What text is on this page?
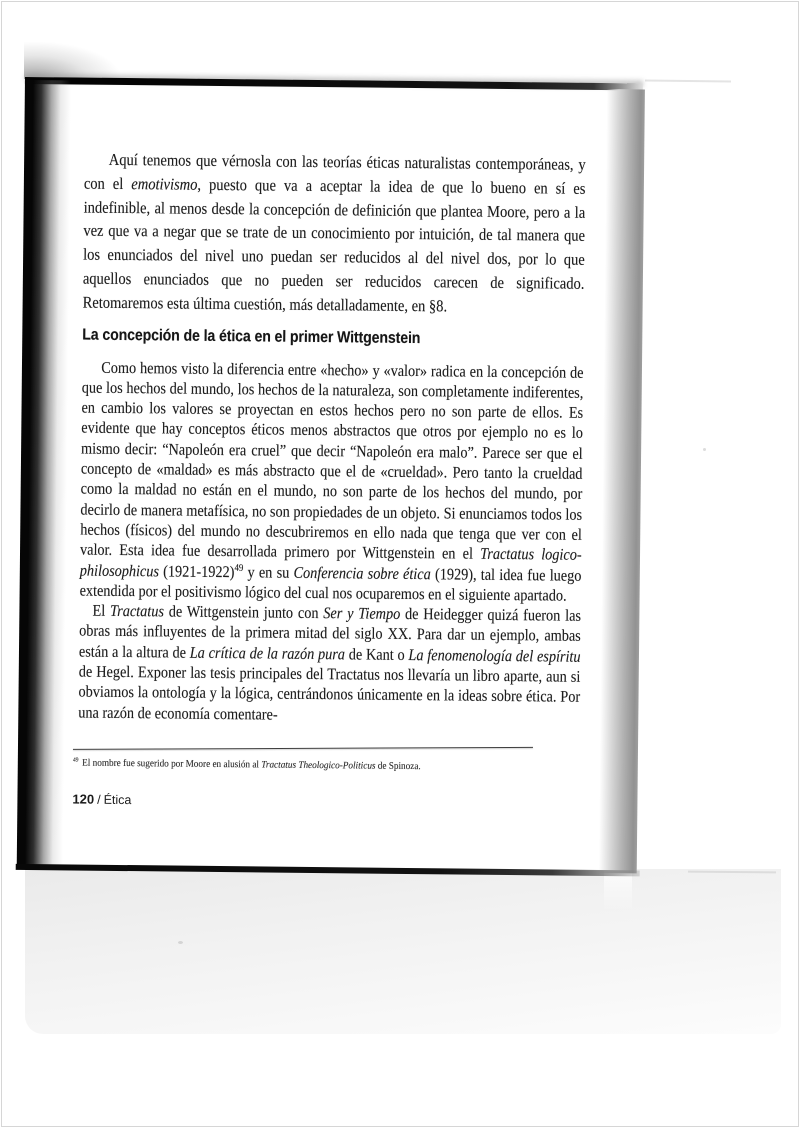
Aquí tenemos que vérnosla con las teorías éticas naturalistas contemporáneas, y con el emotivismo, puesto que va a aceptar la idea de que lo bueno en sí es indefinible, al menos desde la concepción de definición que plantea Moore, pero a la vez que va a negar que se trate de un conocimiento por intuición, de tal manera que los enunciados del nivel uno puedan ser reducidos al del nivel dos, por lo que aquellos enunciados que no pueden ser reducidos carecen de significado. Retomaremos esta última cuestión, más detalladamente, en §8.

La concepción de la ética en el primer Wittgenstein

Como hemos visto la diferencia entre «hecho» y «valor» radica en la concepción de que los hechos del mundo, los hechos de la naturaleza, son completamente indiferentes, en cambio los valores se proyectan en estos hechos pero no son parte de ellos. Es evidente que hay conceptos éticos menos abstractos que otros por ejemplo no es lo mismo decir: “Napoleón era cruel” que decir “Napoleón era malo”. Parece ser que el concepto de «maldad» es más abstracto que el de «crueldad». Pero tanto la crueldad como la maldad no están en el mundo, no son parte de los hechos del mundo, por decirlo de manera metafísica, no son propiedades de un objeto. Si enunciamos todos los hechos (físicos) del mundo no descubriremos en ello nada que tenga que ver con el valor. Esta idea fue desarrollada primero por Wittgenstein en el Tractatus logico-philosophicus (1921-1922)$^{49}$ y en su Conferencia sobre ética (1929), tal idea fue luego extendida por el positivismo lógico del cual nos ocuparemos en el siguiente apartado.

El Tractatus de Wittgenstein junto con Ser y Tiempo de Heidegger quizá fueron las obras más influyentes de la primera mitad del siglo XX. Para dar un ejemplo, ambas están a la altura de La crítica de la razón pura de Kant o La fenomenología del espíritu de Hegel. Exponer las tesis principales del Tractatus nos llevaría un libro aparte, aun si obviamos la ontología y la lógica, centrándonos únicamente en la ideas sobre ética. Por una razón de economía comentare-

$^{49}$ El nombre fue sugerido por Moore en alusión al Tractatus Theologico-Politicus de Spinoza.

120 / Ética
